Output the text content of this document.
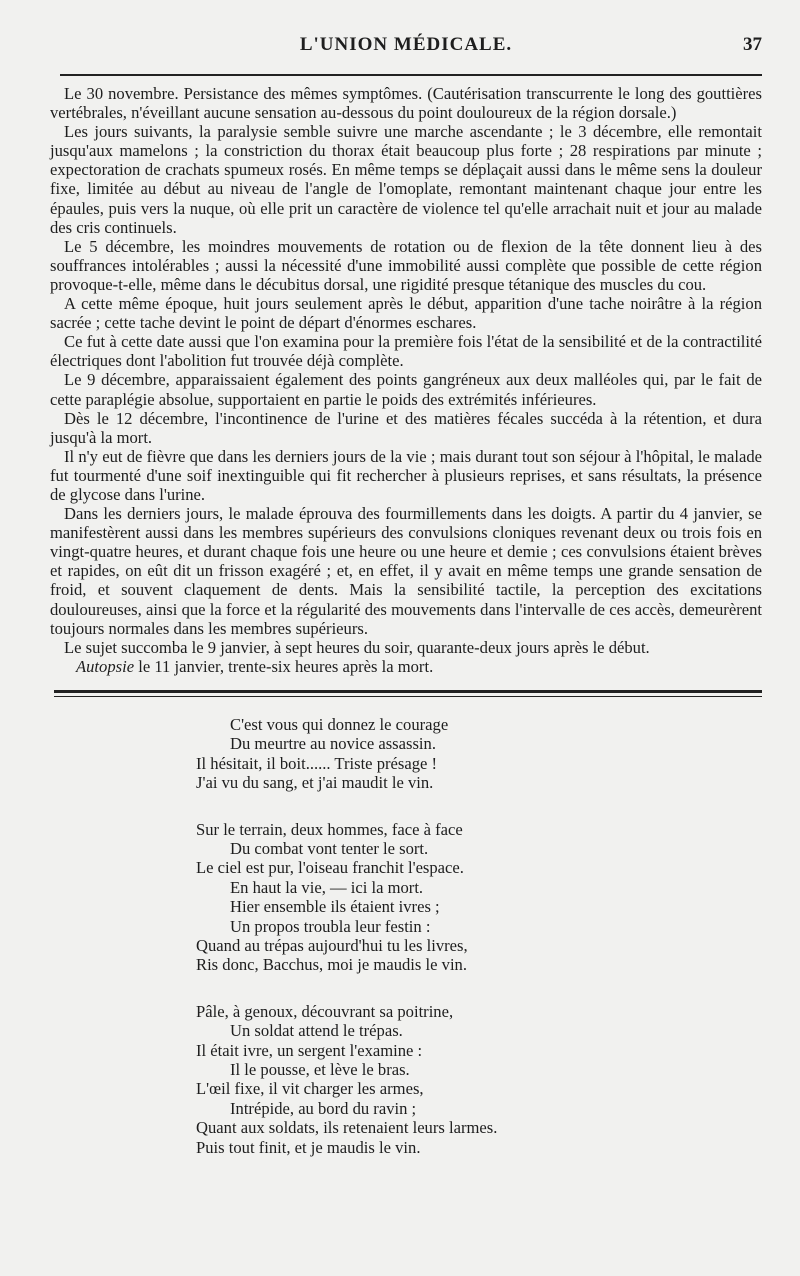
L'UNION MÉDICALE.	37

Le 30 novembre. Persistance des mêmes symptômes. (Cautérisation transcurrente le long des gouttières vertébrales, n'éveillant aucune sensation au-dessous du point douloureux de la région dorsale.)

Les jours suivants, la paralysie semble suivre une marche ascendante ; le 3 décembre, elle remontait jusqu'aux mamelons ; la constriction du thorax était beaucoup plus forte ; 28 respirations par minute ; expectoration de crachats spumeux rosés. En même temps se déplaçait aussi dans le même sens la douleur fixe, limitée au début au niveau de l'angle de l'omoplate, remontant maintenant chaque jour entre les épaules, puis vers la nuque, où elle prit un caractère de violence tel qu'elle arrachait nuit et jour au malade des cris continuels.

Le 5 décembre, les moindres mouvements de rotation ou de flexion de la tête donnent lieu à des souffrances intolérables ; aussi la nécessité d'une immobilité aussi complète que possible de cette région provoque-t-elle, même dans le décubitus dorsal, une rigidité presque tétanique des muscles du cou.

A cette même époque, huit jours seulement après le début, apparition d'une tache noirâtre à la région sacrée ; cette tache devint le point de départ d'énormes eschares.

Ce fut à cette date aussi que l'on examina pour la première fois l'état de la sensibilité et de la contractilité électriques dont l'abolition fut trouvée déjà complète.

Le 9 décembre, apparaissaient également des points gangréneux aux deux malléoles qui, par le fait de cette paraplégie absolue, supportaient en partie le poids des extrémités inférieures.

Dès le 12 décembre, l'incontinence de l'urine et des matières fécales succéda à la rétention, et dura jusqu'à la mort.

Il n'y eut de fièvre que dans les derniers jours de la vie ; mais durant tout son séjour à l'hôpital, le malade fut tourmenté d'une soif inextinguible qui fit rechercher à plusieurs reprises, et sans résultats, la présence de glycose dans l'urine.

Dans les derniers jours, le malade éprouva des fourmillements dans les doigts. A partir du 4 janvier, se manifestèrent aussi dans les membres supérieurs des convulsions cloniques revenant deux ou trois fois en vingt-quatre heures, et durant chaque fois une heure ou une heure et demie ; ces convulsions étaient brèves et rapides, on eût dit un frisson exagéré ; et, en effet, il y avait en même temps une grande sensation de froid, et souvent claquement de dents. Mais la sensibilité tactile, la perception des excitations douloureuses, ainsi que la force et la régularité des mouvements dans l'intervalle de ces accès, demeurèrent toujours normales dans les membres supérieurs.

Le sujet succomba le 9 janvier, à sept heures du soir, quarante-deux jours après le début.

Autopsie le 11 janvier, trente-six heures après la mort.

C'est vous qui donnez le courage
Du meurtre au novice assassin.
Il hésitait, il boit...... Triste présage !
J'ai vu du sang, et j'ai maudit le vin.
Sur le terrain, deux hommes, face à face
Du combat vont tenter le sort.
Le ciel est pur, l'oiseau franchit l'espace.
En haut la vie, — ici la mort.
Hier ensemble ils étaient ivres ;
Un propos troubla leur festin :
Quand au trépas aujourd'hui tu les livres,
Ris donc, Bacchus, moi je maudis le vin.
Pâle, à genoux, découvrant sa poitrine,
Un soldat attend le trépas.
Il était ivre, un sergent l'examine :
Il le pousse, et lève le bras.
L'œil fixe, il vit charger les armes,
Intrépide, au bord du ravin ;
Quant aux soldats, ils retenaient leurs larmes.
Puis tout finit, et je maudis le vin.
